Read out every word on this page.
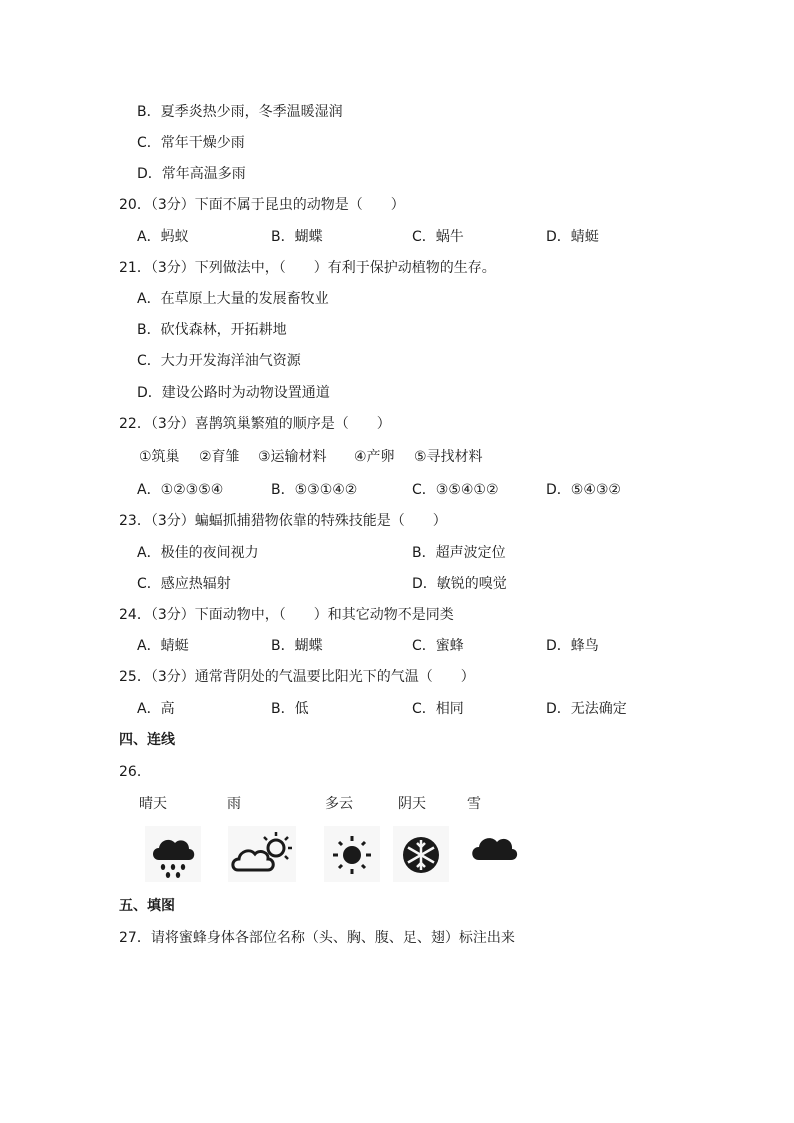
B．夏季炎热少雨，冬季温暖湿润
C．常年干燥少雨
D．常年高温多雨
20．（3分）下面不属于昆虫的动物是（　　）
A．蚂蚁	B．蝴蝶	C．蜗牛	D．蜻蜓
21．（3分）下列做法中，（　　）有利于保护动植物的生存。
A．在草原上大量的发展畜牧业
B．砍伐森林，开拓耕地
C．大力开发海洋油气资源
D．建设公路时为动物设置通道
22．（3分）喜鹊筑巢繁殖的顺序是（　　）
①筑巢 ②育雏 ③运输材料 ④产卵 ⑤寻找材料
A．①②③⑤④	B．⑤③①④②	C．③⑤④①②	D．⑤④③②
23．（3分）蝙蝠抓捕猎物依靠的特殊技能是（　　）
A．极佳的夜间视力	B．超声波定位
C．感应热辐射	D．敏锐的嗅觉
24．（3分）下面动物中，（　　）和其它动物不是同类
A．蜻蜓	B．蝴蝶	C．蜜蜂	D．蜂鸟
25．（3分）通常背阴处的气温要比阳光下的气温（　　）
A．高	B．低	C．相同	D．无法确定
四、连线
26．
晴天	雨	多云	阴天	雪
五、填图
27．请将蜜蜂身体各部位名称（头、胸、腹、足、翅）标注出来
